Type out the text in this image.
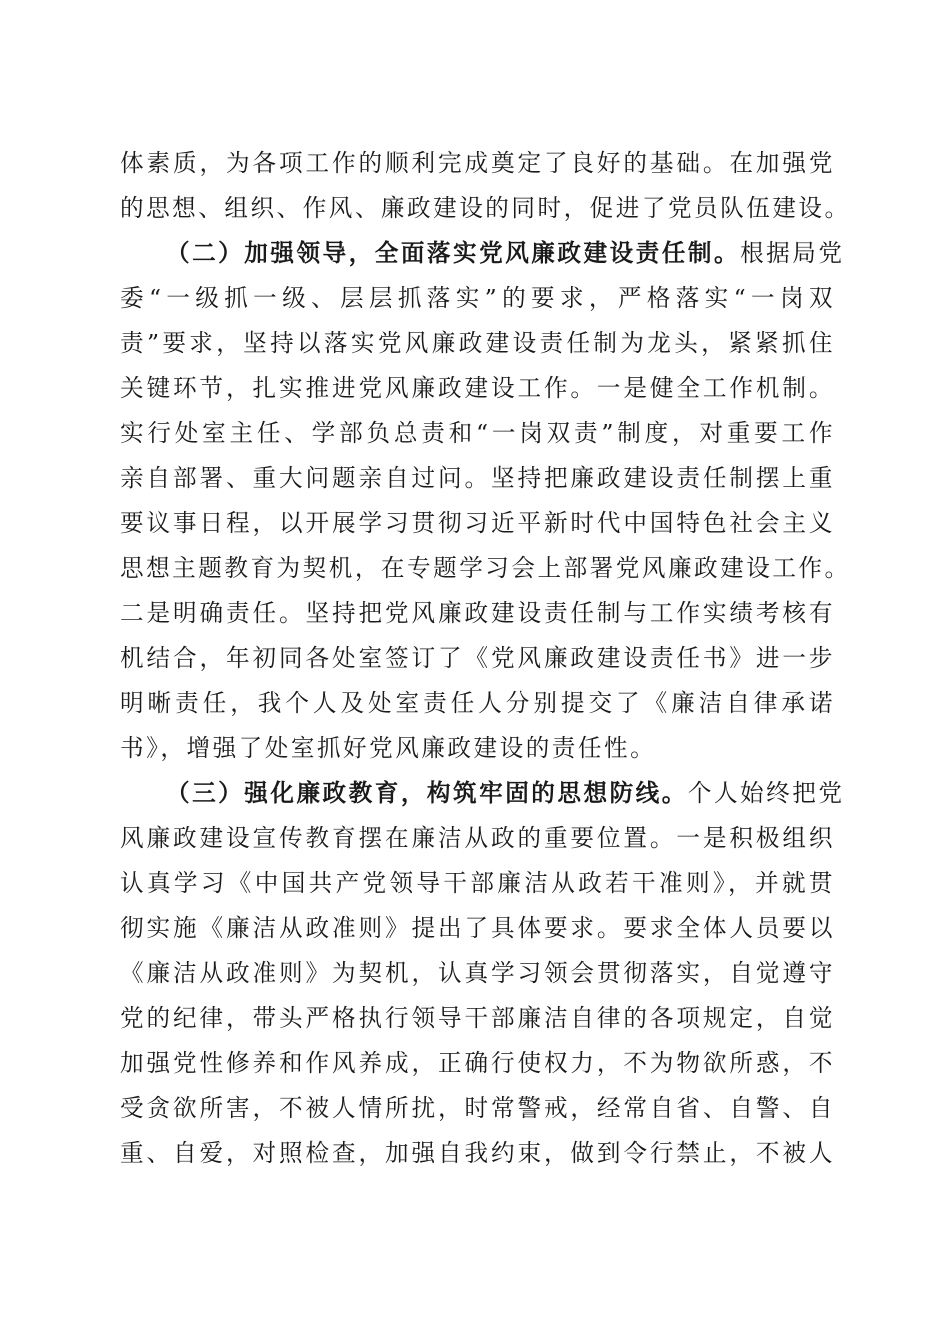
体素质，为各项工作的顺利完成奠定了良好的基础。在加强党
的思想、组织、作风、廉政建设的同时，促进了党员队伍建设。
（二）加强领导，全面落实党风廉政建设责任制。根据局党
委“一级抓一级、层层抓落实”的要求，严格落实“一岗双
责”要求，坚持以落实党风廉政建设责任制为龙头，紧紧抓住
关键环节，扎实推进党风廉政建设工作。一是健全工作机制。
实行处室主任、学部负总责和“一岗双责”制度，对重要工作
亲自部署、重大问题亲自过问。坚持把廉政建设责任制摆上重
要议事日程，以开展学习贯彻习近平新时代中国特色社会主义
思想主题教育为契机，在专题学习会上部署党风廉政建设工作。
二是明确责任。坚持把党风廉政建设责任制与工作实绩考核有
机结合，年初同各处室签订了《党风廉政建设责任书》进一步
明晰责任，我个人及处室责任人分别提交了《廉洁自律承诺
书》，增强了处室抓好党风廉政建设的责任性。
（三）强化廉政教育，构筑牢固的思想防线。个人始终把党
风廉政建设宣传教育摆在廉洁从政的重要位置。一是积极组织
认真学习《中国共产党领导干部廉洁从政若干准则》，并就贯
彻实施《廉洁从政准则》提出了具体要求。要求全体人员要以
《廉洁从政准则》为契机，认真学习领会贯彻落实，自觉遵守
党的纪律，带头严格执行领导干部廉洁自律的各项规定，自觉
加强党性修养和作风养成，正确行使权力，不为物欲所惑，不
受贪欲所害，不被人情所扰，时常警戒，经常自省、自警、自
重、自爱，对照检查，加强自我约束，做到令行禁止，不被人
